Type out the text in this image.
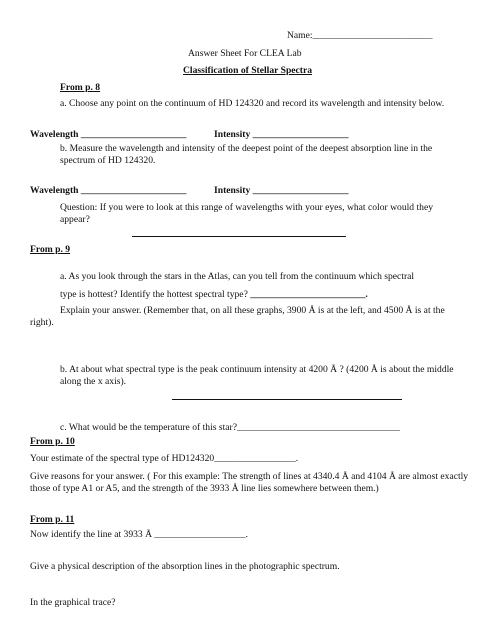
Name:_________________________
Answer Sheet For CLEA Lab
Classification of Stellar Spectra
From p. 8
a. Choose any point on the continuum of HD 124320 and record its wavelength and intensity below.
Wavelength ______________________	Intensity ____________________
b. Measure the wavelength and intensity of the deepest point of the deepest absorption line in the spectrum of HD 124320.
Wavelength ______________________	Intensity ____________________
Question: If you were to look at this range of wavelengths with your eyes, what color would they appear?
From p. 9
a. As you look through the stars in the Atlas, can you tell from the continuum which spectral
type is hottest? Identify the hottest spectral type? ________________________.
Explain your answer. (Remember that, on all these graphs, 3900 Å is at the left, and 4500 Å is at the
right).
b. At about what spectral type is the peak continuum intensity at 4200 Å ? (4200 Å is about the middle along the x axis).
c. What would be the temperature of this star?__________________________________
From p. 10
Your estimate of the spectral type of HD124320_________________.
Give reasons for your answer. ( For this example: The strength of lines at 4340.4 Å and 4104 Å are almost exactly those of type A1 or A5, and the strength of the 3933 Å line lies somewhere between them.)
From p. 11
Now identify the line at 3933 Å ___________________.
Give a physical description of the absorption lines in the photographic spectrum.
In the graphical trace?
